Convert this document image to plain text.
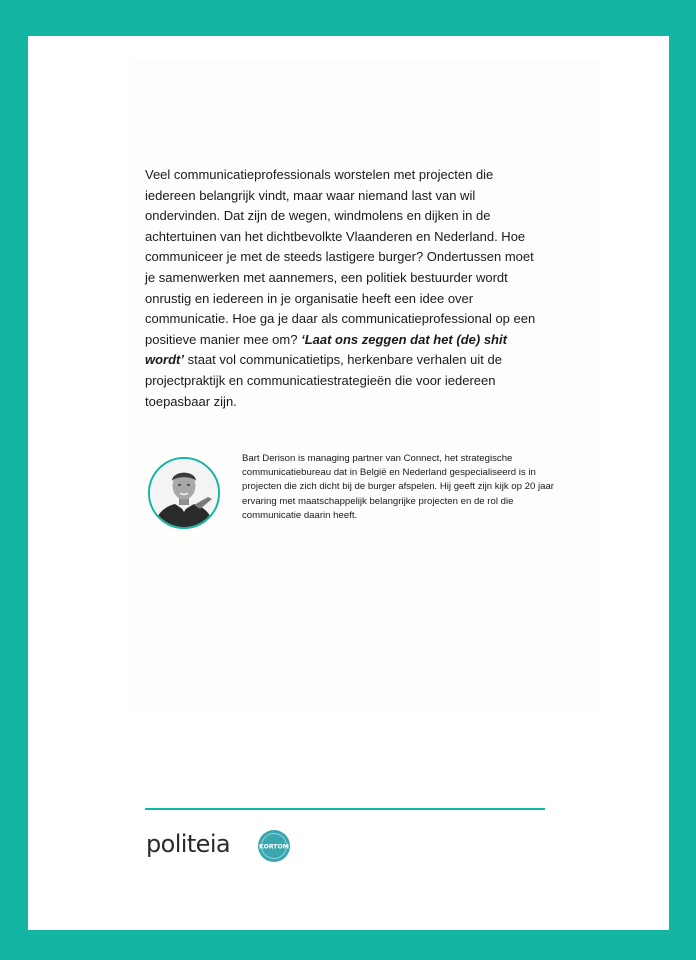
Veel communicatieprofessionals worstelen met projecten die iedereen belangrijk vindt, maar waar niemand last van wil ondervinden. Dat zijn de wegen, windmolens en dijken in de achtertuinen van het dichtbevolkte Vlaanderen en Nederland. Hoe communiceer je met de steeds lastigere burger? Ondertussen moet je samenwerken met aannemers, een politiek bestuurder wordt onrustig en iedereen in je organisatie heeft een idee over communicatie. Hoe ga je daar als communicatieprofessional op een positieve manier mee om? ‘Laat ons zeggen dat het (de) shit wordt’ staat vol communicatietips, herkenbare verhalen uit de projectpraktijk en communicatiestrategieën die voor iedereen toepasbaar zijn.

Bart Derison is managing partner van Connect, het strategische communicatiebureau dat in België en Nederland gespecialiseerd is in projecten die zich dicht bij de burger afspelen. Hij geeft zijn kijk op 20 jaar ervaring met maatschappelijk belangrijke projecten en de rol die communicatie daarin heeft.

politeia	KORTOM
